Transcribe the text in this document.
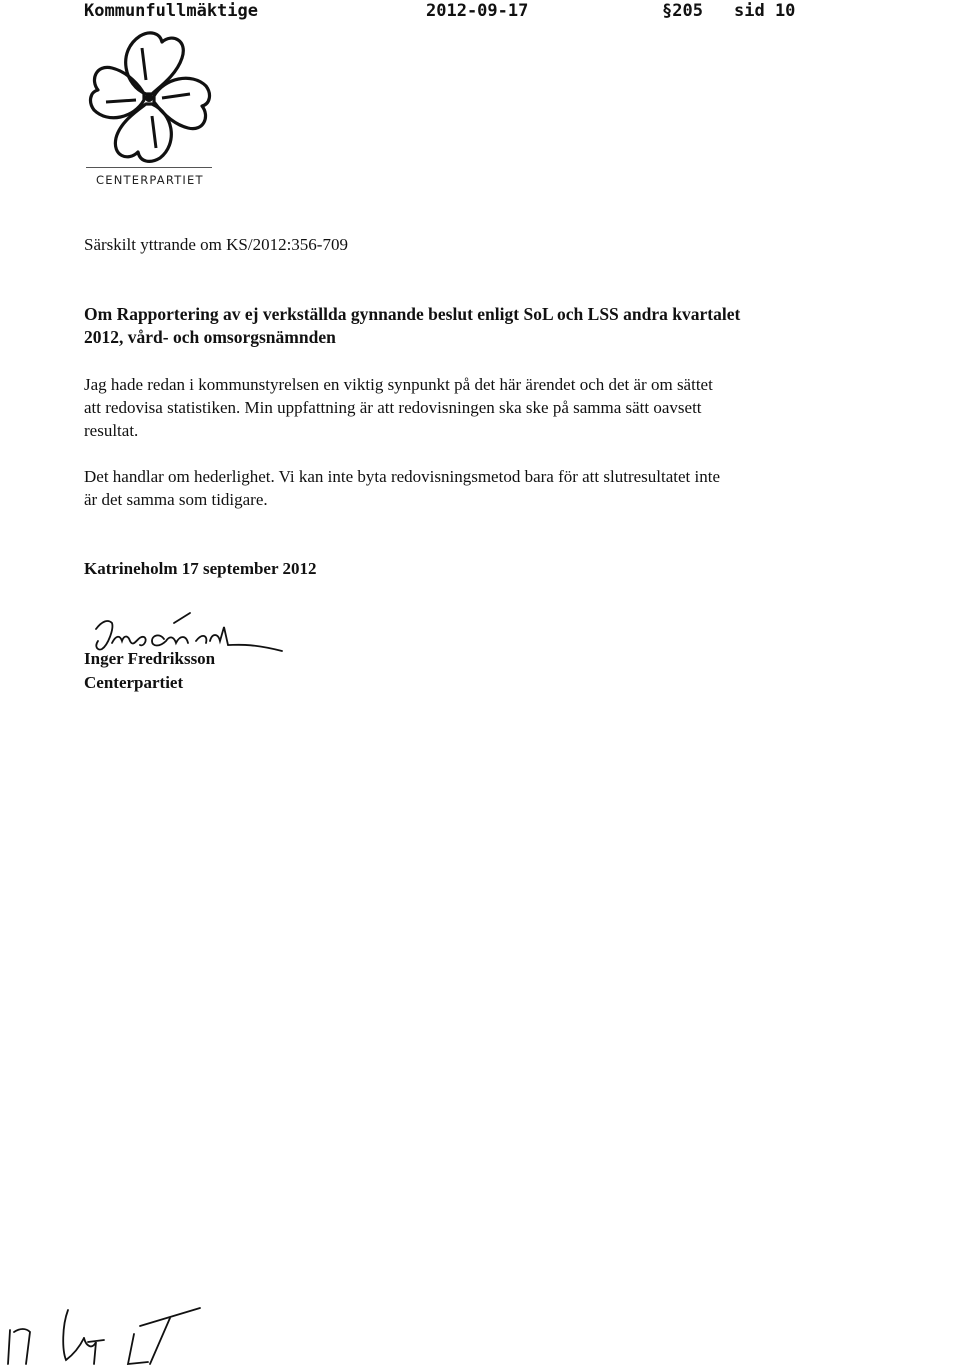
Kommunfullmäktige	2012-09-17	§205 sid 10
CENTERPARTIET
Särskilt yttrande om KS/2012:356-709
Om Rapportering av ej verkställda gynnande beslut enligt SoL och LSS andra kvartalet
2012, vård- och omsorgsnämnden
Jag hade redan i kommunstyrelsen en viktig synpunkt på det här ärendet och det är om sättet
att redovisa statistiken. Min uppfattning är att redovisningen ska ske på samma sätt oavsett
resultat.
Det handlar om hederlighet. Vi kan inte byta redovisningsmetod bara för att slutresultatet inte
är det samma som tidigare.
Katrineholm 17 september 2012
Inger Fredriksson
Centerpartiet
